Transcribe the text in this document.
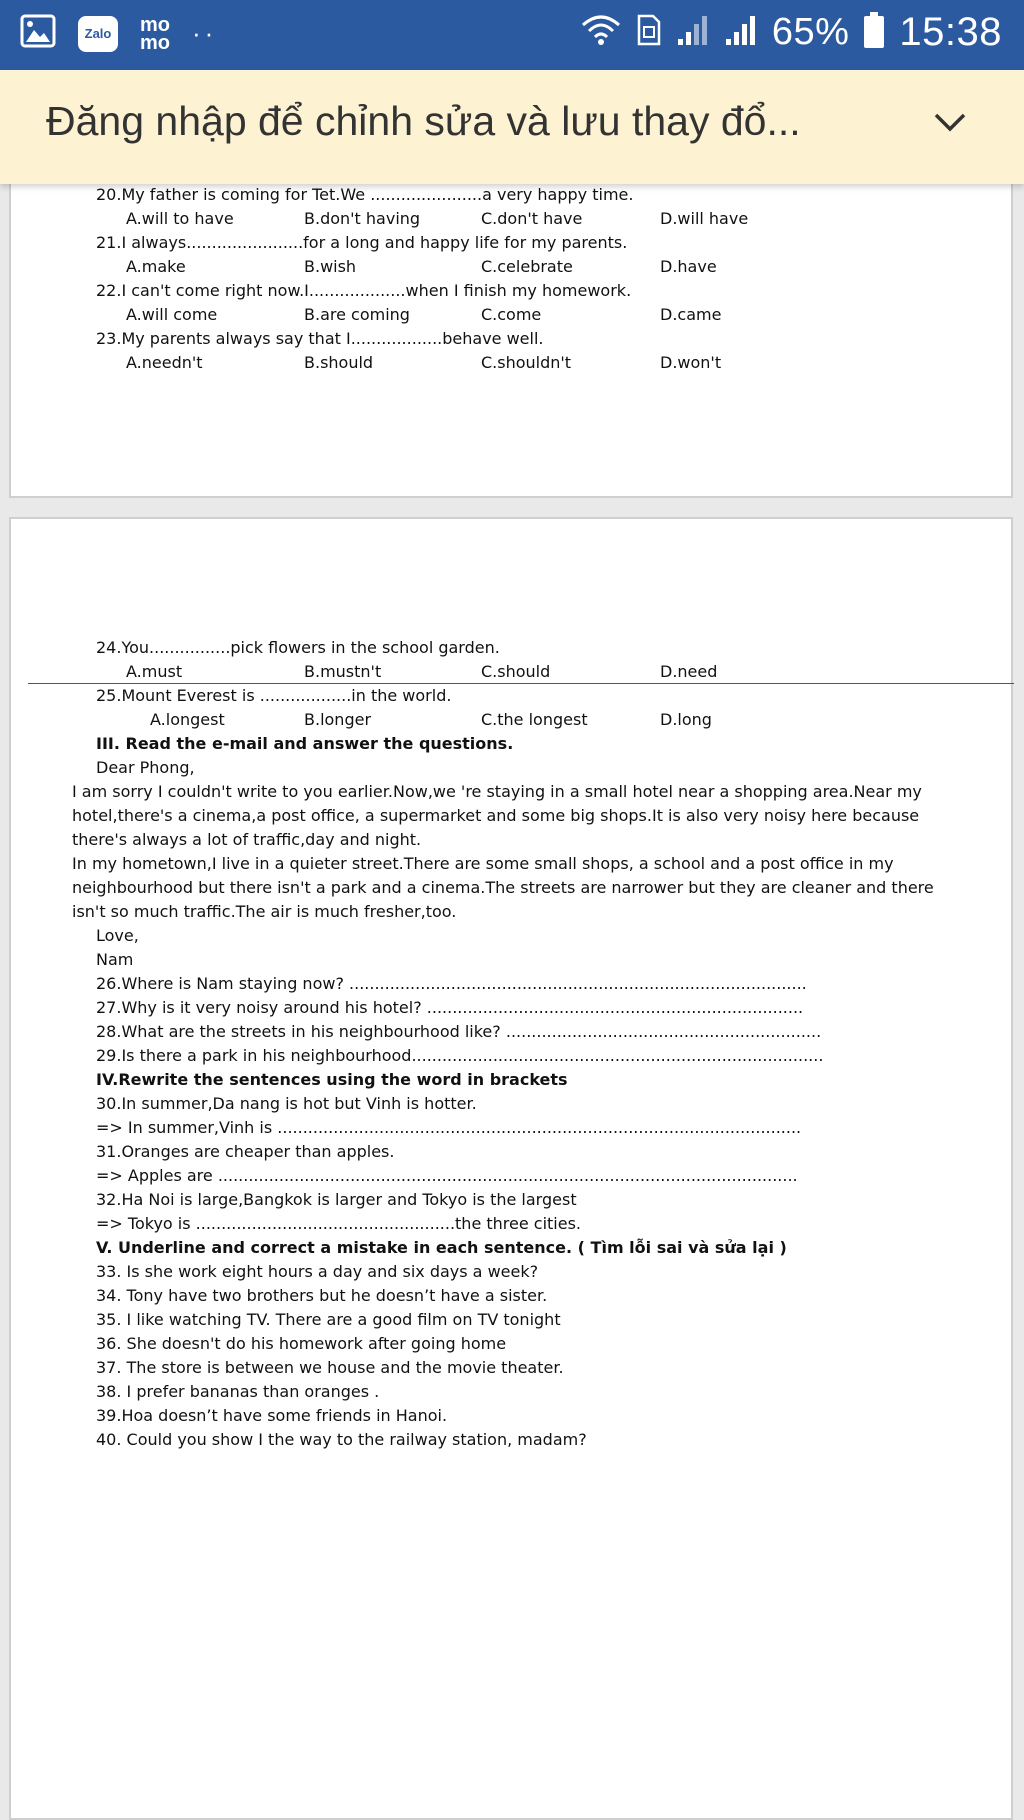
Zalo	mo
mo ··	65% 15:38
Đăng nhập để chỉnh sửa và lưu thay đổ...
20.My father is coming for Tet.We ......................a very happy time.
A.will to have	B.don't having	C.don't have	D.will have
21.I always.......................for a long and happy life for my parents.
A.make	B.wish	C.celebrate	D.have
22.I can't come right now.I...................when I finish my homework.
A.will come	B.are coming	C.come	D.came
23.My parents always say that I..................behave well.
A.needn't	B.should	C.shouldn't	D.won't
24.You................pick flowers in the school garden.
A.must	B.mustn't	C.should	D.need
25.Mount Everest is ..................in the world.
A.longest	B.longer	C.the longest	D.long
III. Read the e-mail and answer the questions.
Dear Phong,
I am sorry I couldn't write to you earlier.Now,we 're staying in a small hotel near a shopping area.Near my hotel,there's a cinema,a post office, a supermarket and some big shops.It is also very noisy here because there's always a lot of traffic,day and night.
In my hometown,I live in a quieter street.There are some small shops, a school and a post office in my neighbourhood but there isn't a park and a cinema.The streets are narrower but they are cleaner and there isn't so much traffic.The air is much fresher,too.
Love,
Nam
26.Where is Nam staying now? ..........................................................................................
27.Why is it very noisy around his hotel? ..........................................................................
28.What are the streets in his neighbourhood like? ..............................................................
29.Is there a park in his neighbourhood.................................................................................
IV.Rewrite the sentences using the word in brackets
30.In summer,Da nang is hot but Vinh is hotter.
=> In summer,Vinh is .......................................................................................................
31.Oranges are cheaper than apples.
=> Apples are ..................................................................................................................
32.Ha Noi is large,Bangkok is larger and Tokyo is the largest
=> Tokyo is ...................................................the three cities.
V. Underline and correct a mistake in each sentence. ( Tìm lỗi sai và sửa lại )
33. Is she work eight hours a day and six days a week?
34. Tony have two brothers but he doesn’t have a sister.
35. I like watching TV. There are a good film on TV tonight
36. She doesn't do his homework after going home
37. The store is between we house and the movie theater.
38. I prefer bananas than oranges .
39.Hoa doesn’t have some friends in Hanoi.
40. Could you show I the way to the railway station, madam?
